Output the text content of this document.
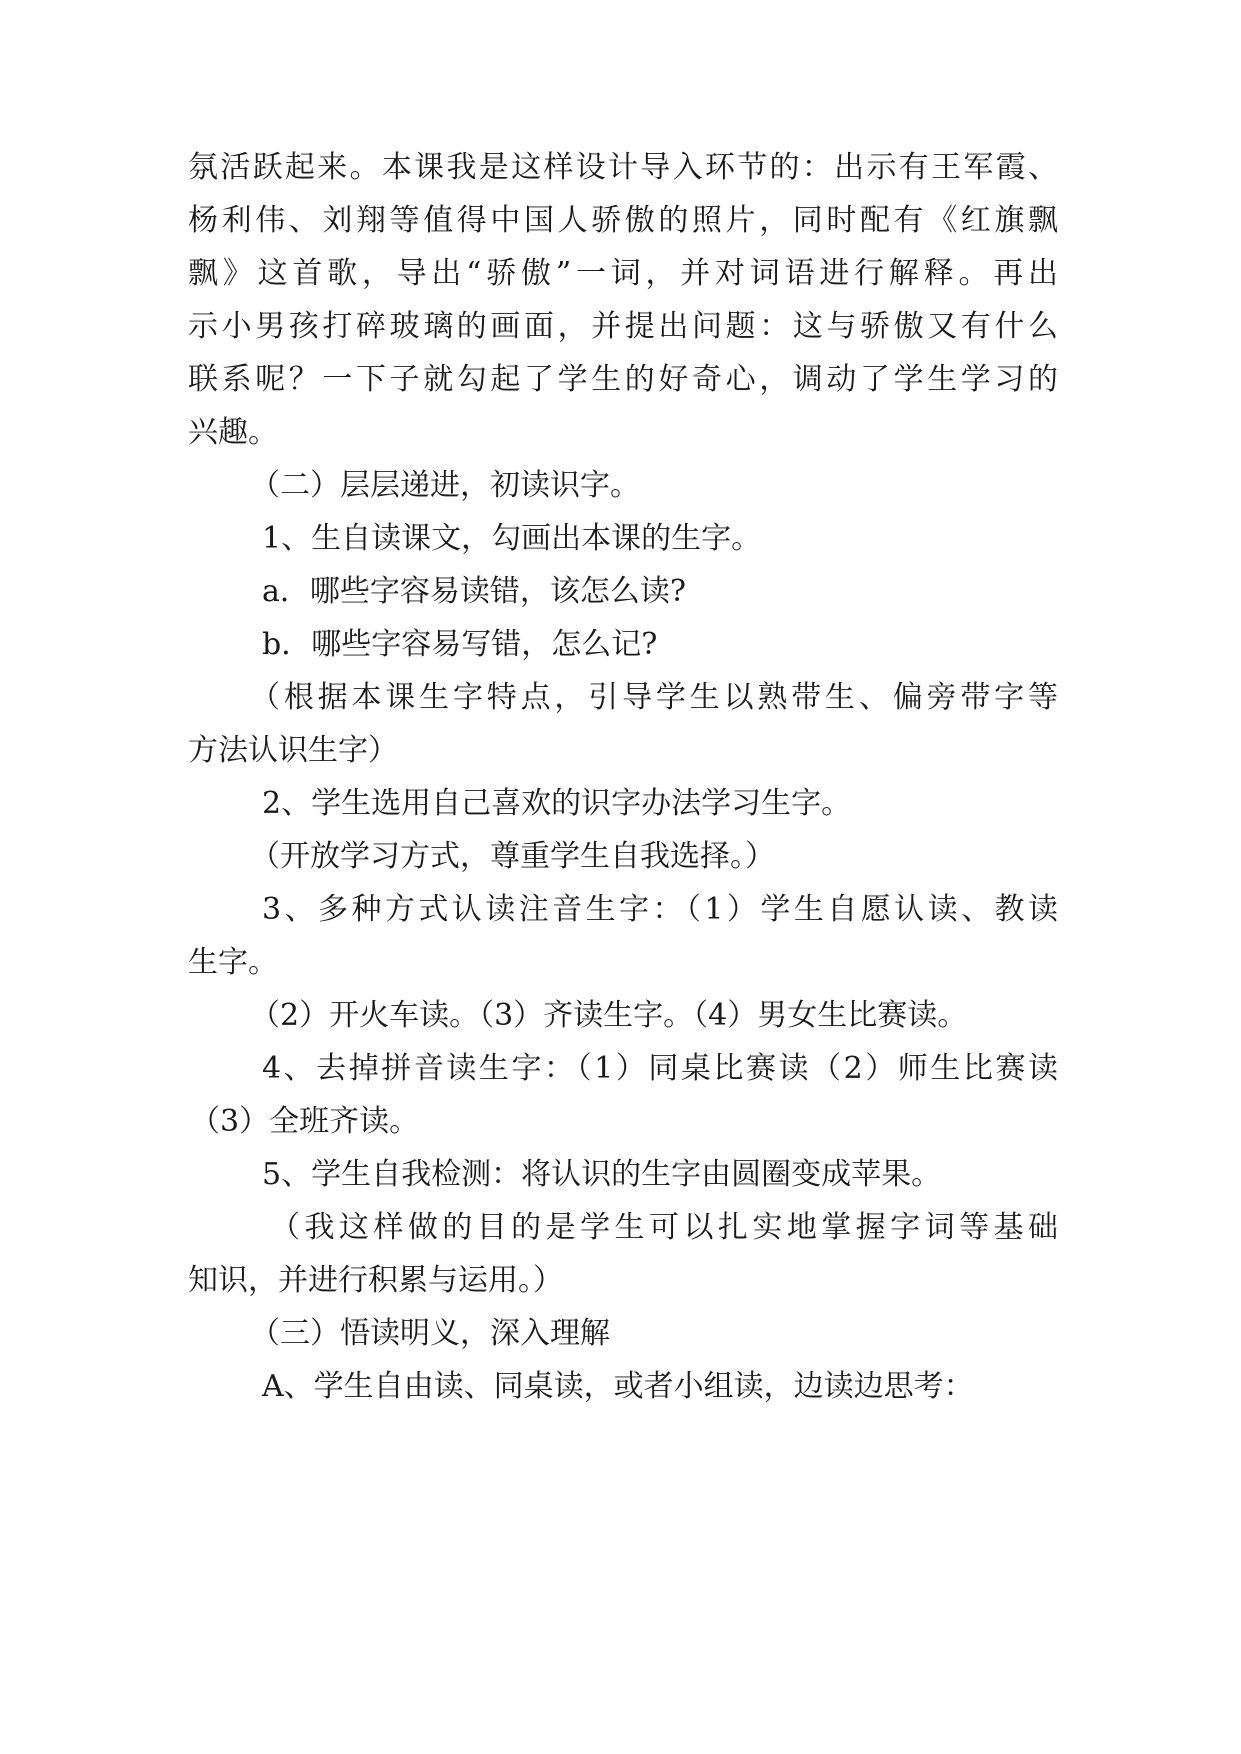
氛活跃起来。本课我是这样设计导入环节的：出示有王军霞、
杨利伟、刘翔等值得中国人骄傲的照片，同时配有《红旗飘
飘》这首歌，导出“骄傲”一词，并对词语进行解释。再出
示小男孩打碎玻璃的画面，并提出问题：这与骄傲又有什么
联系呢？一下子就勾起了学生的好奇心，调动了学生学习的
兴趣。
（二）层层递进，初读识字。
1、生自读课文，勾画出本课的生字。
a．哪些字容易读错，该怎么读?
b．哪些字容易写错，怎么记?
（根据本课生字特点，引导学生以熟带生、偏旁带字等
方法认识生字）
2、学生选用自己喜欢的识字办法学习生字。
（开放学习方式，尊重学生自我选择。）
3、多种方式认读注音生字：（1）学生自愿认读、教读
生字。
（2）开火车读。（3）齐读生字。（4）男女生比赛读。
4、去掉拼音读生字：（1）同桌比赛读（2）师生比赛读
（3）全班齐读。
5、学生自我检测：将认识的生字由圆圈变成苹果。
（我这样做的目的是学生可以扎实地掌握字词等基础
知识，并进行积累与运用。）
（三）悟读明义，深入理解
A、学生自由读、同桌读，或者小组读，边读边思考：
